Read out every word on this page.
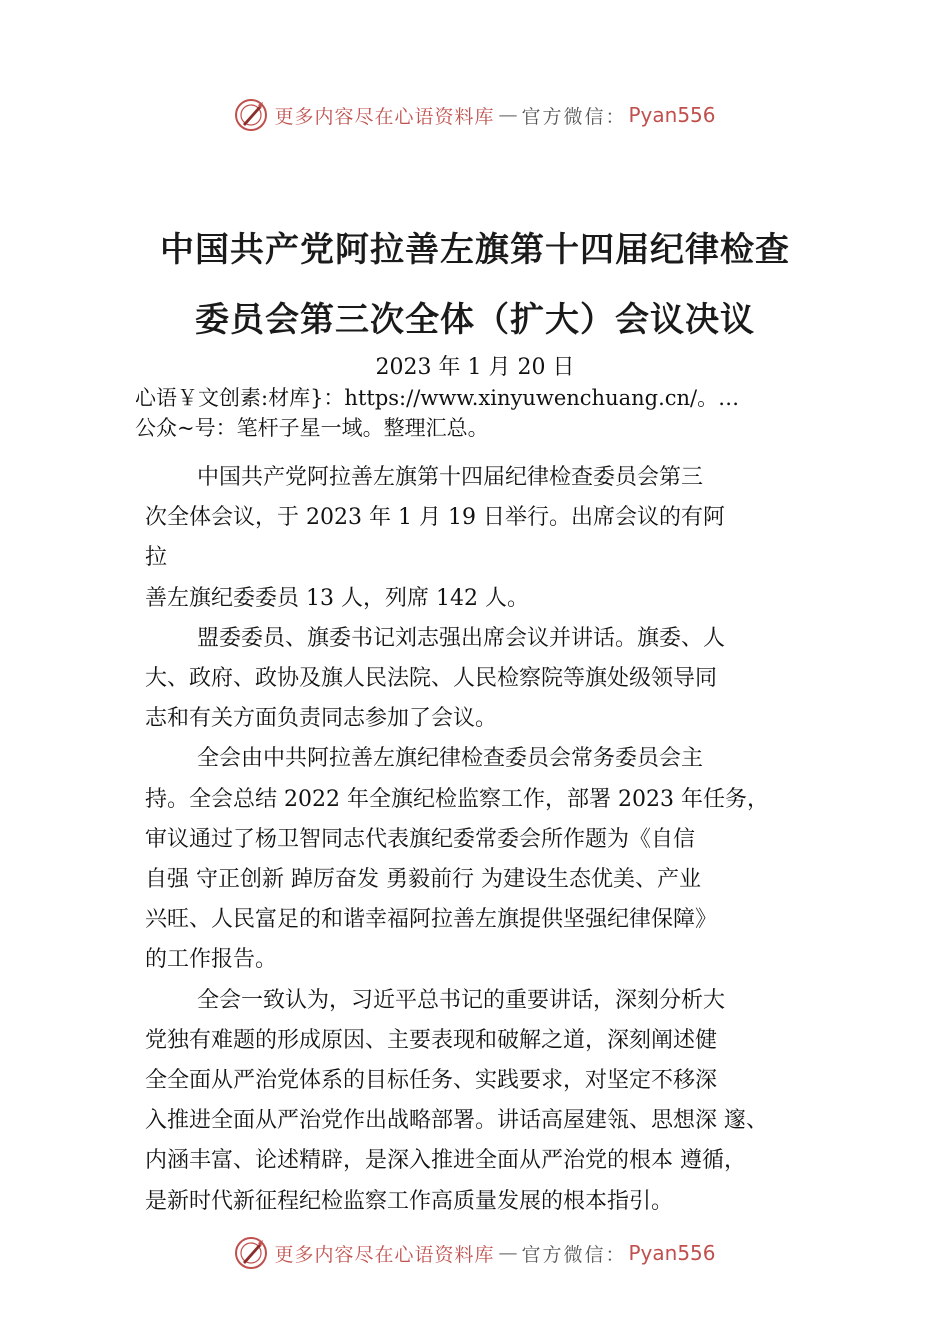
更多内容尽在心语资料库 — 官方微信： Pyan556
中国共产党阿拉善左旗第十四届纪律检查
委员会第三次全体（扩大）会议决议
2023 年 1 月 20 日
心语￥文创素:材库}：https://www.xinyuwenchuang.cn/。…
公众~号：笔杆子星一域。整理汇总。
中国共产党阿拉善左旗第十四届纪律检查委员会第三
次全体会议，于 2023 年 1 月 19 日举行。出席会议的有阿
拉
善左旗纪委委员 13 人，列席 142 人。
盟委委员、旗委书记刘志强出席会议并讲话。旗委、人
大、政府、政协及旗人民法院、人民检察院等旗处级领导同
志和有关方面负责同志参加了会议。
全会由中共阿拉善左旗纪律检查委员会常务委员会主
持。全会总结 2022 年全旗纪检监察工作，部署 2023 年任务，
审议通过了杨卫智同志代表旗纪委常委会所作题为《自信
自强 守正创新 踔厉奋发 勇毅前行 为建设生态优美、产业
兴旺、人民富足的和谐幸福阿拉善左旗提供坚强纪律保障》
的工作报告。
全会一致认为，习近平总书记的重要讲话，深刻分析大
党独有难题的形成原因、主要表现和破解之道，深刻阐述健
全全面从严治党体系的目标任务、实践要求，对坚定不移深
入推进全面从严治党作出战略部署。讲话高屋建瓴、思想深 邃、
内涵丰富、论述精辟，是深入推进全面从严治党的根本 遵循，
是新时代新征程纪检监察工作高质量发展的根本指引。
更多内容尽在心语资料库 — 官方微信： Pyan556
